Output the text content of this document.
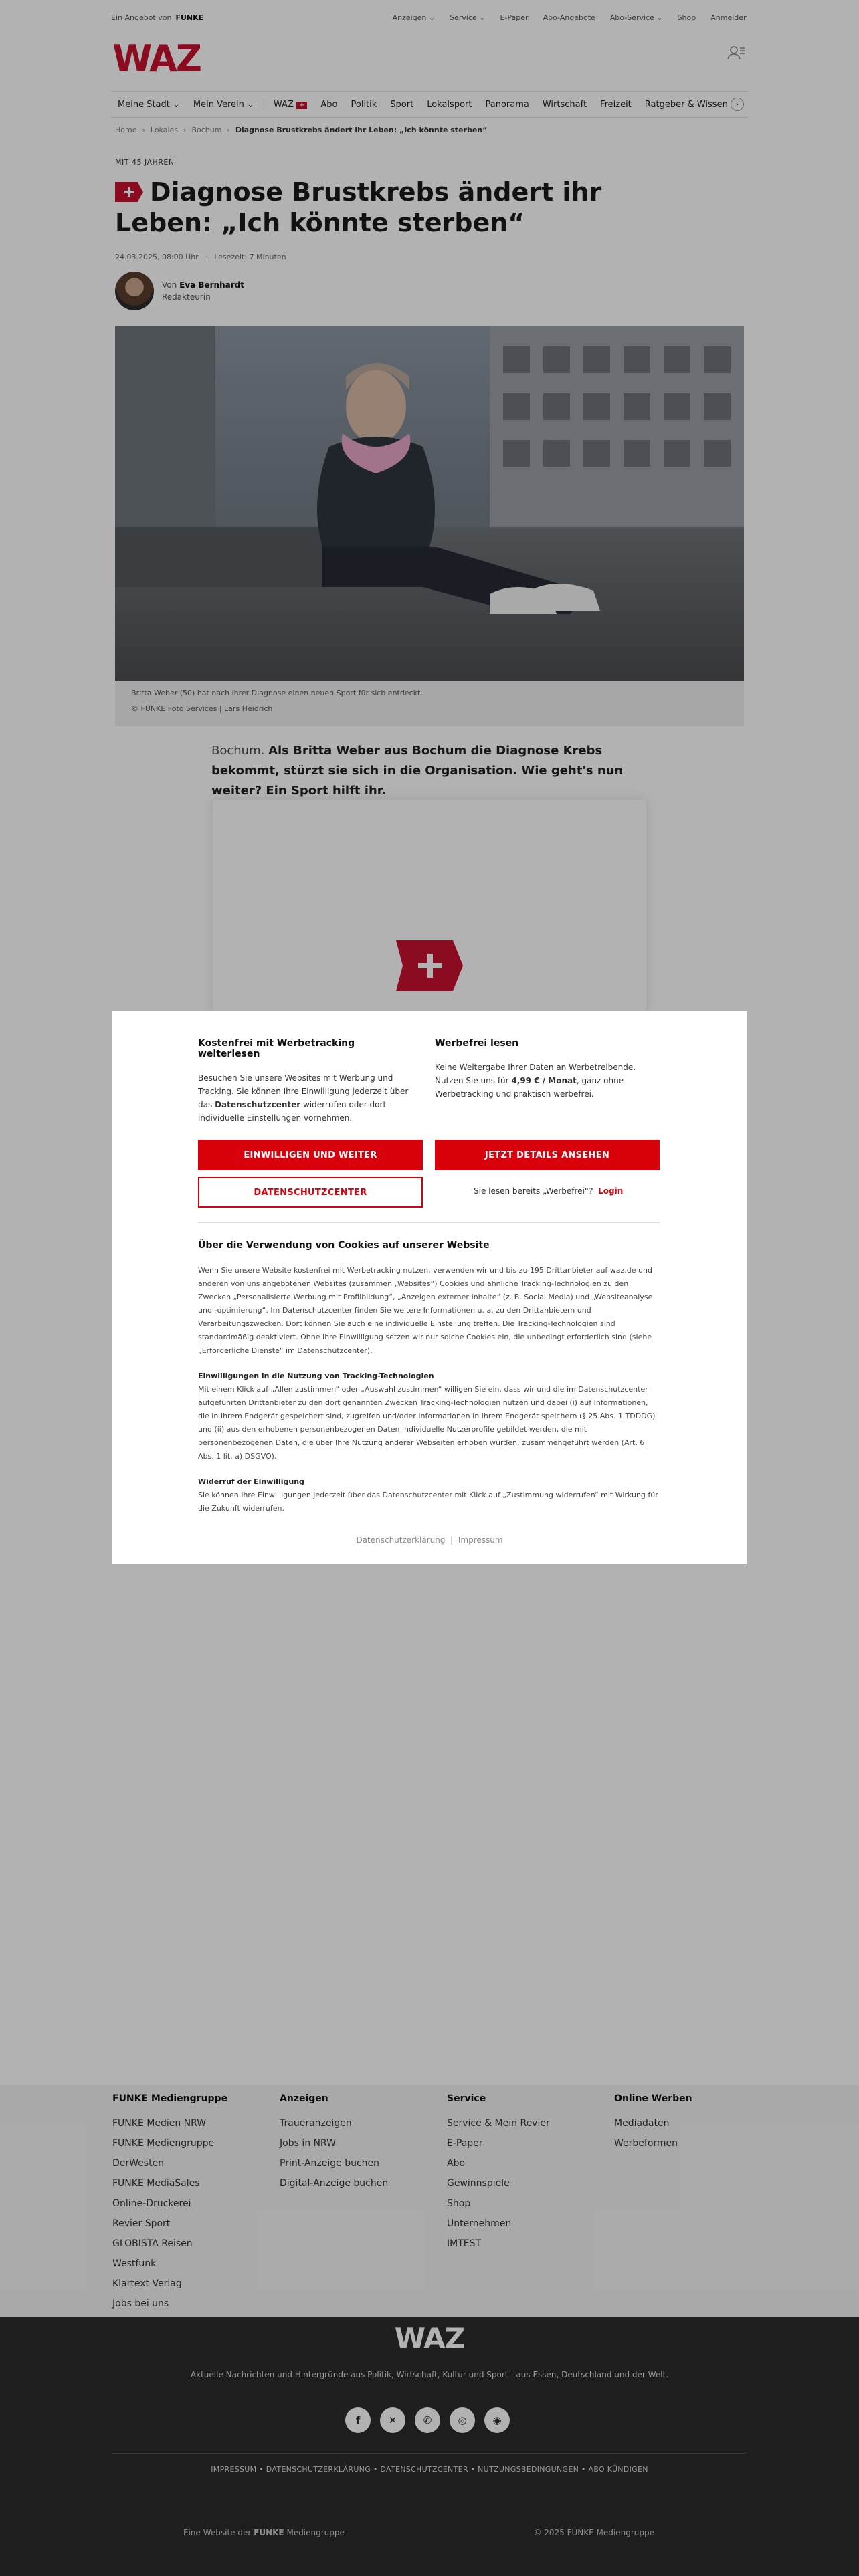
Ein Angebot von FUNKE	Anzeigen ⌄ Service ⌄ E-Paper Abo-Angebote Abo-Service ⌄ Shop Anmelden
WAZ
Meine Stadt ⌄	Mein Verein ⌄	WAZ +	Abo	Politik	Sport	Lokalsport	Panorama	Wirtschaft	Freizeit	Ratgeber & Wissen	›
Home › Lokales › Bochum › Diagnose Brustkrebs ändert ihr Leben: „Ich könnte sterben“
MIT 45 JAHREN
Diagnose Brustkrebs ändert ihr Leben: „Ich könnte sterben“
24.03.2025, 08:00 Uhr · Lesezeit: 7 Minuten
Von Eva Bernhardt
Redakteurin
Britta Weber (50) hat nach ihrer Diagnose einen neuen Sport für sich entdeckt.
© FUNKE Foto Services | Lars Heidrich

Bochum. Als Britta Weber aus Bochum die Diagnose Krebs bekommt, stürzt sie sich in die Organisation. Wie geht's nun weiter? Ein Sport hilft ihr.

FUNKE Mediengruppe
FUNKE Medien NRW
FUNKE Mediengruppe
DerWesten
FUNKE MediaSales
Online-Druckerei
Revier Sport
GLOBISTA Reisen
Westfunk
Klartext Verlag
Jobs bei uns
Anzeigen
Traueranzeigen
Jobs in NRW
Print-Anzeige buchen
Digital-Anzeige buchen
Service
Service & Mein Revier
E-Paper
Abo
Gewinnspiele
Shop
Unternehmen
IMTEST
Online Werben
Mediadaten
Werbeformen
WAZ
Aktuelle Nachrichten und Hintergründe aus Politik, Wirtschaft, Kultur und Sport - aus Essen, Deutschland und der Welt.
f	✕	✆	◎	◉
IMPRESSUM • DATENSCHUTZERKLÄRUNG • DATENSCHUTZCENTER • NUTZUNGSBEDINGUNGEN • ABO KÜNDIGEN
Eine Website der FUNKE Mediengruppe	© 2025 FUNKE Mediengruppe
Kostenfrei mit Werbetracking weiterlesen

Besuchen Sie unsere Websites mit Werbung und Tracking. Sie können Ihre Einwilligung jederzeit über das Datenschutzcenter widerrufen oder dort individuelle Einstellungen vornehmen.

Werbefrei lesen

Keine Weitergabe Ihrer Daten an Werbetreibende. Nutzen Sie uns für 4,99 € / Monat, ganz ohne Werbetracking und praktisch werbefrei.

EINWILLIGEN UND WEITER	JETZT DETAILS ANSEHEN
DATENSCHUTZCENTER	Sie lesen bereits „Werbefrei“? Login
Über die Verwendung von Cookies auf unserer Website
Wenn Sie unsere Website kostenfrei mit Werbetracking nutzen, verwenden wir und bis zu 195 Drittanbieter auf waz.de und anderen von uns angebotenen Websites (zusammen „Websites“) Cookies und ähnliche Tracking-Technologien zu den Zwecken „Personalisierte Werbung mit Profilbildung“, „Anzeigen externer Inhalte“ (z. B. Social Media) und „Websiteanalyse und -optimierung“. Im Datenschutzcenter finden Sie weitere Informationen u. a. zu den Drittanbietern und Verarbeitungszwecken. Dort können Sie auch eine individuelle Einstellung treffen. Die Tracking-Technologien sind standardmäßig deaktiviert. Ohne Ihre Einwilligung setzen wir nur solche Cookies ein, die unbedingt erforderlich sind (siehe „Erforderliche Dienste“ im Datenschutzcenter).
Einwilligungen in die Nutzung von Tracking-Technologien
Mit einem Klick auf „Allen zustimmen“ oder „Auswahl zustimmen“ willigen Sie ein, dass wir und die im Datenschutzcenter aufgeführten Drittanbieter zu den dort genannten Zwecken Tracking-Technologien nutzen und dabei (i) auf Informationen, die in Ihrem Endgerät gespeichert sind, zugreifen und/oder Informationen in Ihrem Endgerät speichern (§ 25 Abs. 1 TDDDG) und (ii) aus den erhobenen personenbezogenen Daten individuelle Nutzerprofile gebildet werden, die mit personenbezogenen Daten, die über Ihre Nutzung anderer Webseiten erhoben wurden, zusammengeführt werden (Art. 6 Abs. 1 lit. a) DSGVO).
Widerruf der Einwilligung
Sie können Ihre Einwilligungen jederzeit über das Datenschutzcenter mit Klick auf „Zustimmung widerrufen“ mit Wirkung für die Zukunft widerrufen.
Datenschutzerklärung  |  Impressum
